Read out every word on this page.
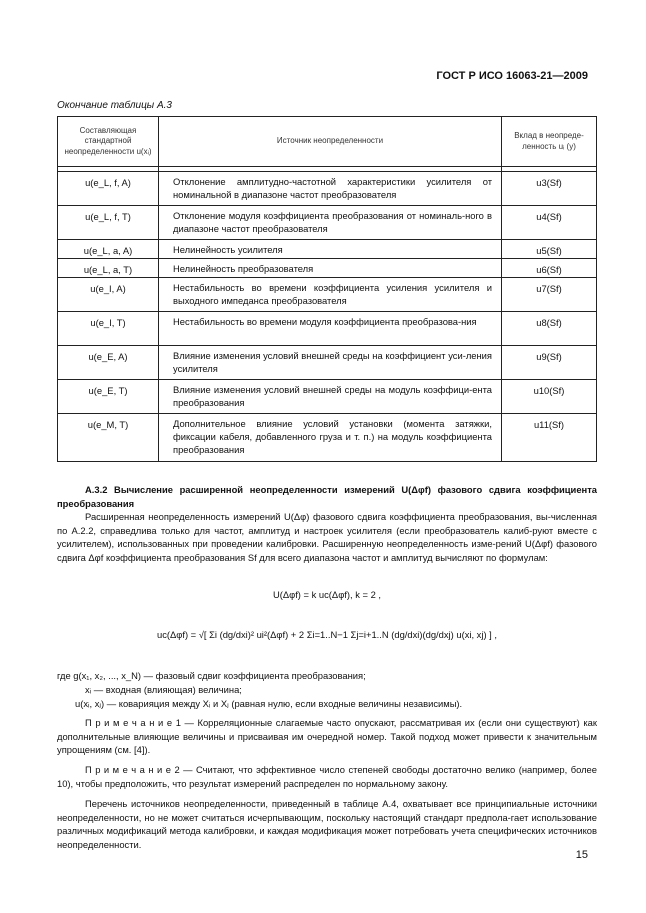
ГОСТ Р ИСО 16063-21—2009
Окончание таблицы А.3
Составляющая стандартной неопределенности u(xᵢ)	Источник неопределенности	Вклад в неопреде-ленность uᵢ (y)

u(e_L, f, A)	Отклонение амплитудно-частотной характеристики усилителя от номинальной в диапазоне частот преобразователя	u3(Sf)
u(e_L, f, T)	Отклонение модуля коэффициента преобразования от номиналь-ного в диапазоне частот преобразователя	u4(Sf)
u(e_L, a, A)	Нелинейность усилителя	u5(Sf)
u(e_L, a, T)	Нелинейность преобразователя	u6(Sf)
u(e_I, A)	Нестабильность во времени коэффициента усиления усилителя и выходного импеданса преобразователя	u7(Sf)
u(e_I, T)	Нестабильность во времени модуля коэффициента преобразова-ния	u8(Sf)
u(e_E, A)	Влияние изменения условий внешней среды на коэффициент уси-ления усилителя	u9(Sf)
u(e_E, T)	Влияние изменения условий внешней среды на модуль коэффици-ента преобразования	u10(Sf)
u(e_M, T)	Дополнительное влияние условий установки (момента затяжки, фиксации кабеля, добавленного груза и т. п.) на модуль коэффициента преобразования	u11(Sf)
A.3.2 Вычисление расширенной неопределенности измерений U(Δφf) фазового сдвига коэффициента преобразования
Расширенная неопределенность измерений U(Δφ) фазового сдвига коэффициента преобразования, вы-численная по А.2.2, справедлива только для частот, амплитуд и настроек усилителя (если преобразователь калиб-руют вместе с усилителем), использованных при проведении калибровки. Расширенную неопределенность изме-рений U(Δφf) фазового сдвига Δφf коэффициента преобразования Sf для всего диапазона частот и амплитуд вычисляют по формулам:
U(Δφf) = k uc(Δφf), k = 2 ,
uc(Δφf) = √[ Σi (dg/dxi)² ui²(Δφf) + 2 Σi=1..N−1 Σj=i+1..N (dg/dxi)(dg/dxj) u(xi, xj) ] ,
где g(x₁, x₂, ..., x_N) — фазовый сдвиг коэффициента преобразования;
xᵢ — входная (влияющая) величина;
u(xᵢ, xⱼ) — коварияция между Xᵢ и Xⱼ (равная нулю, если входные величины независимы).
П р и м е ч а н и е 1 — Корреляционные слагаемые часто опускают, рассматривая их (если они существуют) как дополнительные влияющие величины и присваивая им очередной номер. Такой подход может привести к значительным упрощениям (см. [4]).
П р и м е ч а н и е 2 — Считают, что эффективное число степеней свободы достаточно велико (например, более 10), чтобы предположить, что результат измерений распределен по нормальному закону.
Перечень источников неопределенности, приведенный в таблице А.4, охватывает все принципиальные источники неопределенности, но не может считаться исчерпывающим, поскольку настоящий стандарт предпола-гает использование различных модификаций метода калибровки, и каждая модификация может потребовать учета специфических источников неопределенности.
15
